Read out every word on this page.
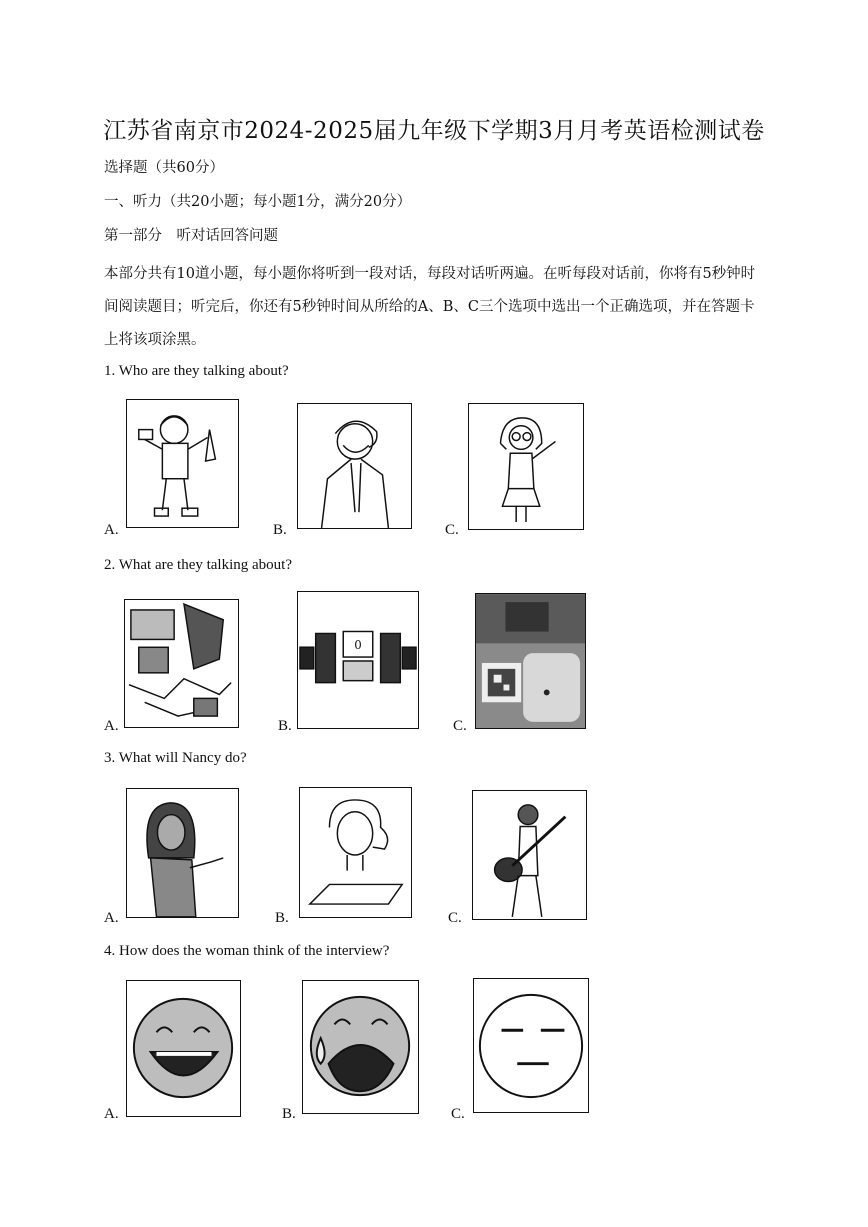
江苏省南京市2024-2025届九年级下学期3月月考英语检测试卷
选择题（共60分）
一、听力（共20小题；每小题1分，满分20分）
第一部分　听对话回答问题
本部分共有10道小题，每小题你将听到一段对话，每段对话听两遍。在听每段对话前，你将有5秒钟时间阅读题目；听完后，你还有5秒钟时间从所给的A、B、C三个选项中选出一个正确选项，并在答题卡上将该项涂黑。
1. Who are they talking about?
A.	B.	C.
2. What are they talking about?
A.	B.
0
C.
3. What will Nancy do?
A.	B.	C.
4. How does the woman think of the interview?
A.	B.	C.
